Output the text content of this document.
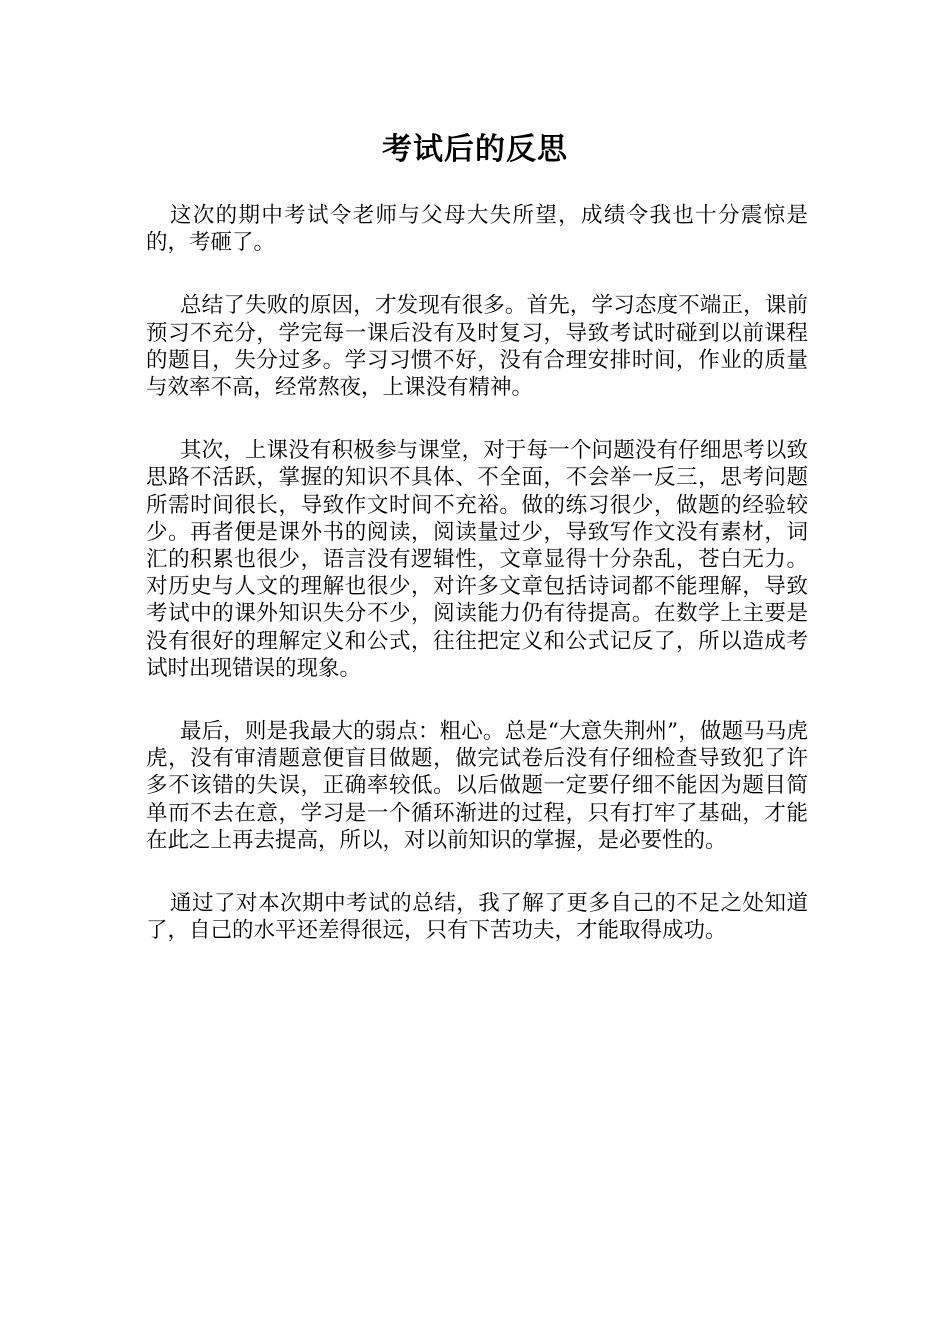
考试后的反思

这次的期中考试令老师与父母大失所望，成绩令我也十分震惊是的，考砸了。

总结了失败的原因，才发现有很多。首先，学习态度不端正，课前预习不充分，学完每一课后没有及时复习，导致考试时碰到以前课程的题目，失分过多。学习习惯不好，没有合理安排时间，作业的质量与效率不高，经常熬夜，上课没有精神。

其次，上课没有积极参与课堂，对于每一个问题没有仔细思考以致思路不活跃，掌握的知识不具体、不全面，不会举一反三，思考问题所需时间很长，导致作文时间不充裕。做的练习很少，做题的经验较少。再者便是课外书的阅读，阅读量过少，导致写作文没有素材，词汇的积累也很少，语言没有逻辑性，文章显得十分杂乱，苍白无力。对历史与人文的理解也很少，对许多文章包括诗词都不能理解，导致考试中的课外知识失分不少，阅读能力仍有待提高。在数学上主要是没有很好的理解定义和公式，往往把定义和公式记反了，所以造成考试时出现错误的现象。

最后，则是我最大的弱点：粗心。总是“大意失荆州”，做题马马虎虎，没有审清题意便盲目做题，做完试卷后没有仔细检查导致犯了许多不该错的失误，正确率较低。以后做题一定要仔细不能因为题目简单而不去在意，学习是一个循环渐进的过程，只有打牢了基础，才能在此之上再去提高，所以，对以前知识的掌握，是必要性的。

通过了对本次期中考试的总结，我了解了更多自己的不足之处知道了，自己的水平还差得很远，只有下苦功夫，才能取得成功。
